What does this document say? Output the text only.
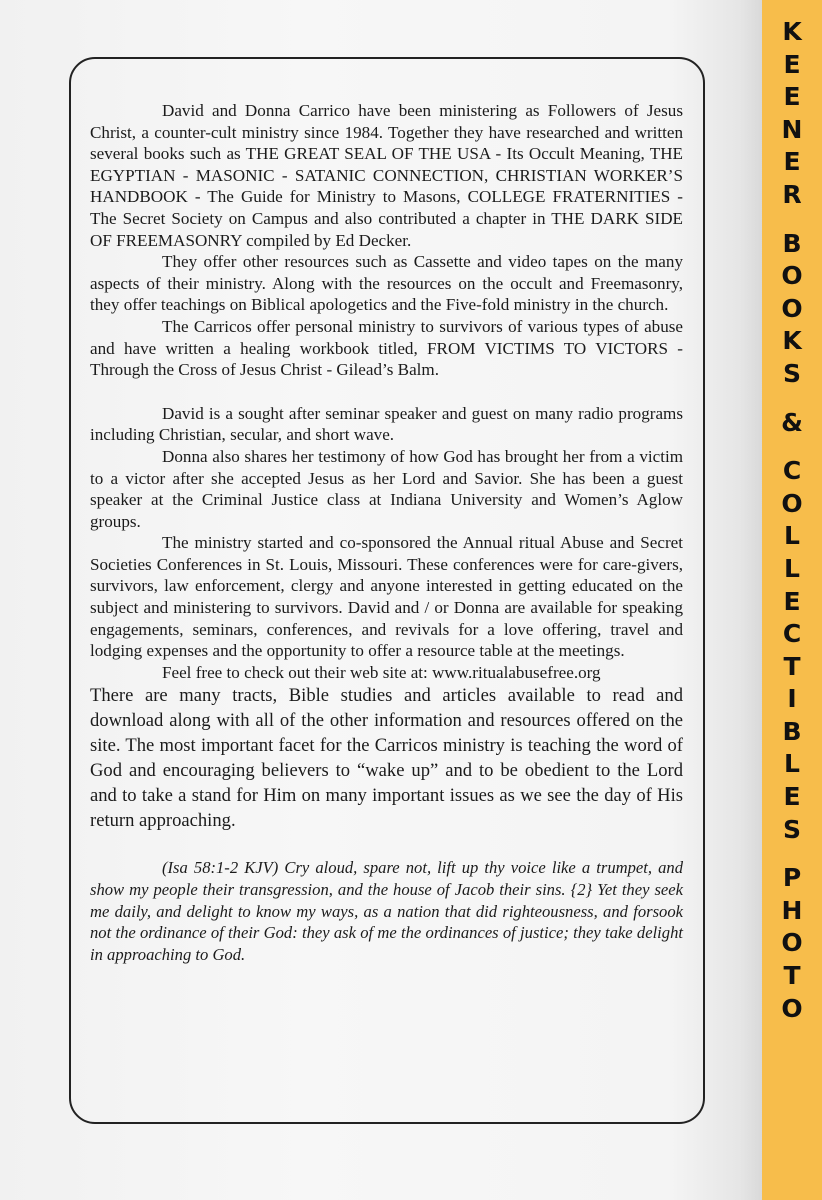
David and Donna Carrico have been ministering as Followers of Jesus Christ, a counter-cult ministry since 1984. Together they have researched and written several books such as THE GREAT SEAL OF THE USA - Its Occult Meaning, THE EGYPTIAN - MASONIC - SATANIC CONNECTION, CHRISTIAN WORKER’S HANDBOOK - The Guide for Ministry to Masons, COLLEGE FRATERNITIES - The Secret Society on Campus and also contributed a chapter in THE DARK SIDE OF FREEMASONRY compiled by Ed Decker.

They offer other resources such as Cassette and video tapes on the many aspects of their ministry. Along with the resources on the occult and Freemasonry, they offer teachings on Biblical apologetics and the Five-fold ministry in the church.

The Carricos offer personal ministry to survivors of various types of abuse and have written a healing workbook titled, FROM VICTIMS TO VICTORS - Through the Cross of Jesus Christ - Gilead’s Balm.

David is a sought after seminar speaker and guest on many radio programs including Christian, secular, and short wave.

Donna also shares her testimony of how God has brought her from a victim to a victor after she accepted Jesus as her Lord and Savior. She has been a guest speaker at the Criminal Justice class at Indiana University and Women’s Aglow groups.

The ministry started and co-sponsored the Annual ritual Abuse and Secret Societies Conferences in St. Louis, Missouri. These conferences were for care-givers, survivors, law enforcement, clergy and anyone interested in getting educated on the subject and ministering to survivors. David and / or Donna are available for speaking engagements, seminars, conferences, and revivals for a love offering, travel and lodging expenses and the opportunity to offer a resource table at the meetings.

Feel free to check out their web site at: www.ritualabusefree.org

There are many tracts, Bible studies and articles available to read and download along with all of the other information and resources offered on the site. The most important facet for the Carricos ministry is teaching the word of God and encouraging believers to “wake up” and to be obedient to the Lord and to take a stand for Him on many important issues as we see the day of His return approaching.

(Isa 58:1-2 KJV) Cry aloud, spare not, lift up thy voice like a trumpet, and show my people their transgression, and the house of Jacob their sins. {2} Yet they seek me daily, and delight to know my ways, as a nation that did righteousness, and forsook not the ordinance of their God: they ask of me the ordinances of justice; they take delight in approaching to God.

K
E
E
N
E
R
B
O
O
K
S
&
C
O
L
L
E
C
T
I
B
L
E
S
P
H
O
T
O
